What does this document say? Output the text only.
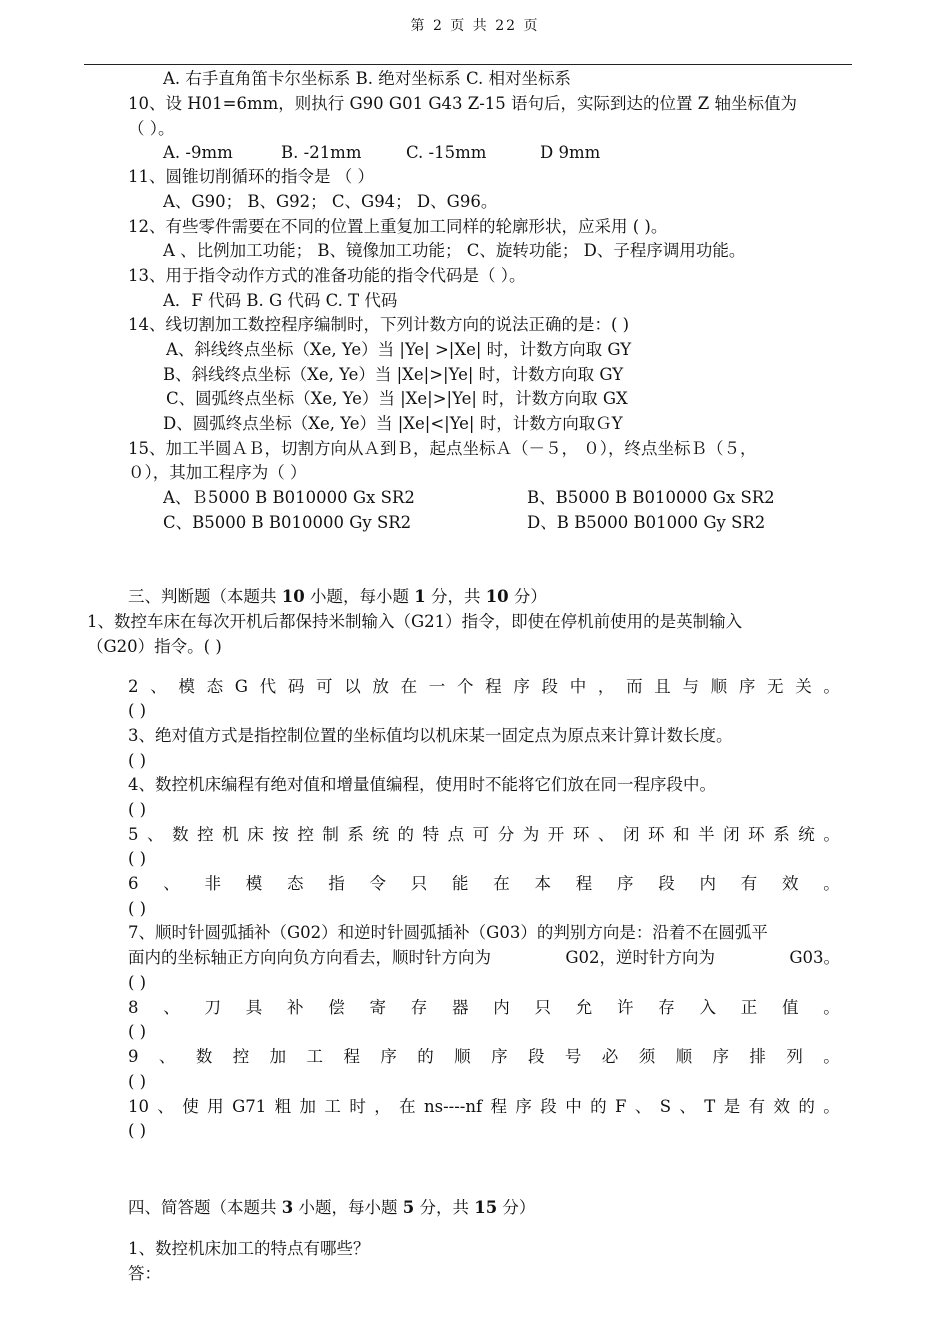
第 2 页 共 22 页
A. 右手直角笛卡尔坐标系 B. 绝对坐标系 C. 相对坐标系
10、设 H01=6mm，则执行 G90 G01 G43 Z-15 语句后，实际到达的位置 Z 轴坐标值为
（ ）。
A. -9mm	B. -21mm	C. -15mm	D 9mm
11、圆锥切削循环的指令是 （ ）
A、G90； B、G92； C、G94； D、G96。
12、有些零件需要在不同的位置上重复加工同样的轮廓形状，应采用 ( )。
A 、比例加工功能； B、镜像加工功能； C、旋转功能； D、子程序调用功能。
13、用于指令动作方式的准备功能的指令代码是（ ）。
A．F 代码 B. G 代码 C. T 代码
14、线切割加工数控程序编制时，下列计数方向的说法正确的是：( )
A、斜线终点坐标（Xe, Ye）当 |Ye| >|Xe| 时，计数方向取 GY
B、斜线终点坐标（Xe, Ye）当 |Xe|>|Ye| 时，计数方向取 GY
C、圆弧终点坐标（Xe, Ye）当 |Xe|>|Ye| 时，计数方向取 GX
D、圆弧终点坐标（Xe, Ye）当 |Xe|<|Ye| 时，计数方向取ＧY
15、加工半圆ＡＢ，切割方向从Ａ到Ｂ，起点坐标Ａ（－５， ０），终点坐标Ｂ（５，
０），其加工程序为（ ）
A、Ｂ5000 B B010000 Gx SR2	B、B5000 B B010000 Gx SR2
C、B5000 B B010000 Gy SR2	D、B B5000 B01000 Gy SR2
三、判断题（本题共 10 小题，每小题 1 分，共 10 分）
1、数控车床在每次开机后都保持米制输入（G21）指令，即使在停机前使用的是英制输入
（G20）指令。( )
2 、 模 态 G 代 码 可 以 放 在 一 个 程 序 段 中 ， 而 且 与 顺 序 无 关 。
( )
3、绝对值方式是指控制位置的坐标值均以机床某一固定点为原点来计算计数长度。
( )
4、数控机床编程有绝对值和增量值编程，使用时不能将它们放在同一程序段中。
( )
5 、 数 控 机 床 按 控 制 系 统 的 特 点 可 分 为 开 环 、 闭 环 和 半 闭 环 系 统 。
( )
6 、 非 模 态 指 令 只 能 在 本 程 序 段 内 有 效 。
( )
7、顺时针圆弧插补（G02）和逆时针圆弧插补（G03）的判别方向是：沿着不在圆弧平
面内的坐标轴正方向向负方向看去，顺时针方向为	G02，逆时针方向为	G03。
( )
8 、 刀 具 补 偿 寄 存 器 内 只 允 许 存 入 正 值 。
( )
9 、 数 控 加 工 程 序 的 顺 序 段 号 必 须 顺 序 排 列 。
( )
10 、 使 用 G71 粗 加 工 时 ， 在 ns----nf 程 序 段 中 的 F 、 S 、 T 是 有 效 的 。
( )
四、简答题（本题共 3 小题，每小题 5 分，共 15 分）
1、数控机床加工的特点有哪些？
答：
